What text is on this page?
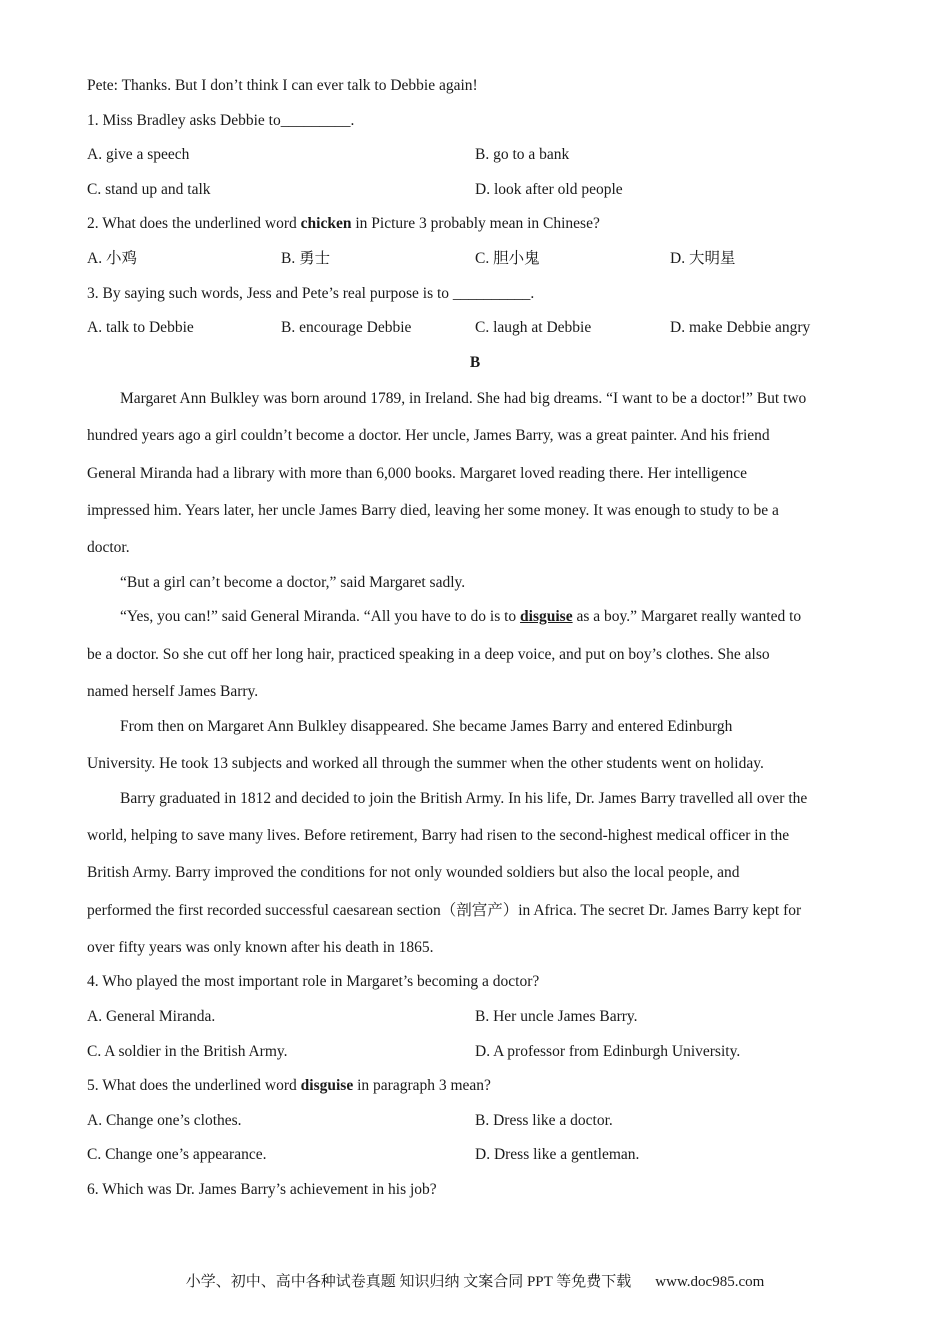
Pete: Thanks. But I don’t think I can ever talk to Debbie again!
1. Miss Bradley asks Debbie to_________.
A. give a speech	B. go to a bank
C. stand up and talk	D. look after old people
2. What does the underlined word chicken in Picture 3 probably mean in Chinese?
A. 小鸡	B. 勇士	C. 胆小鬼	D. 大明星
3. By saying such words, Jess and Pete’s real purpose is to __________.
A. talk to Debbie	B. encourage Debbie	C. laugh at Debbie	D. make Debbie angry
B
Margaret Ann Bulkley was born around 1789, in Ireland. She had big dreams. “I want to be a doctor!” But two
hundred years ago a girl couldn’t become a doctor. Her uncle, James Barry, was a great painter. And his friend
General Miranda had a library with more than 6,000 books. Margaret loved reading there. Her intelligence
impressed him. Years later, her uncle James Barry died, leaving her some money. It was enough to study to be a
doctor.
“But a girl can’t become a doctor,” said Margaret sadly.
“Yes, you can!” said General Miranda. “All you have to do is to disguise as a boy.” Margaret really wanted to
be a doctor. So she cut off her long hair, practiced speaking in a deep voice, and put on boy’s clothes. She also
named herself James Barry.
From then on Margaret Ann Bulkley disappeared. She became James Barry and entered Edinburgh
University. He took 13 subjects and worked all through the summer when the other students went on holiday.
Barry graduated in 1812 and decided to join the British Army. In his life, Dr. James Barry travelled all over the
world, helping to save many lives. Before retirement, Barry had risen to the second-highest medical officer in the
British Army. Barry improved the conditions for not only wounded soldiers but also the local people, and
performed the first recorded successful caesarean section（剖宫产）in Africa. The secret Dr. James Barry kept for
over fifty years was only known after his death in 1865.
4. Who played the most important role in Margaret’s becoming a doctor?
A. General Miranda.	B. Her uncle James Barry.
C. A soldier in the British Army.	D. A professor from Edinburgh University.
5. What does the underlined word disguise in paragraph 3 mean?
A. Change one’s clothes.	B. Dress like a doctor.
C. Change one’s appearance.	D. Dress like a gentleman.
6. Which was Dr. James Barry’s achievement in his job?
小学、初中、高中各种试卷真题 知识归纳 文案合同 PPT 等免费下载 www.doc985.com
